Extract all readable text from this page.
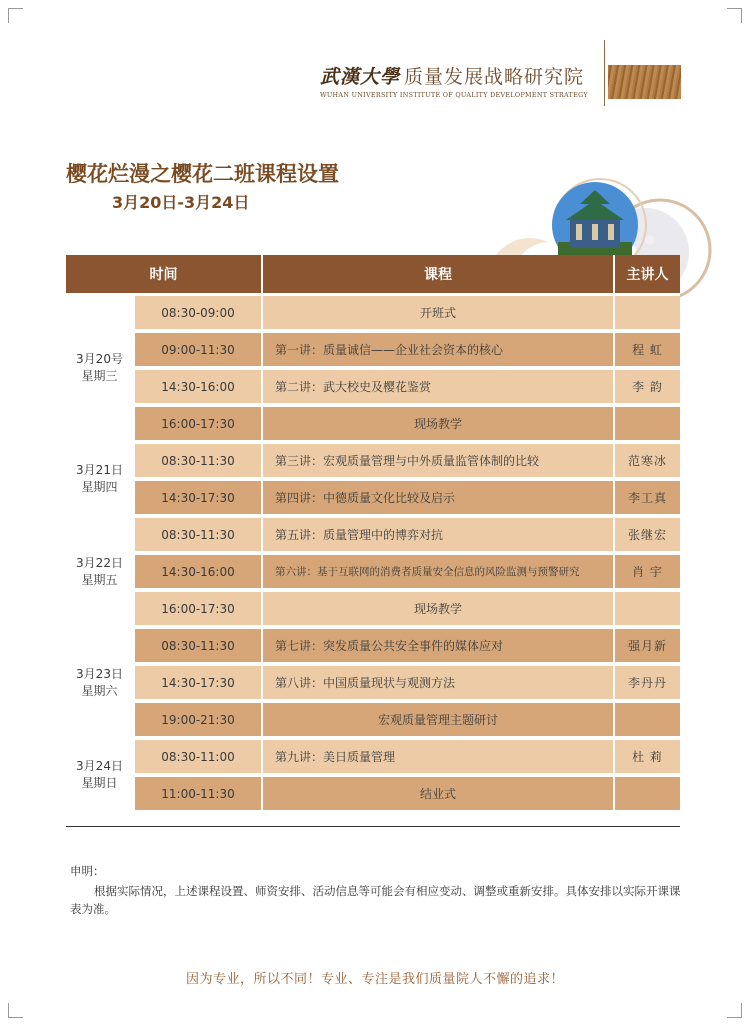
武漢大學 质量发展战略研究院
WUHAN UNIVERSITY INSTITUTE OF QUALITY DEVELOPMENT STRATEGY
樱花烂漫之樱花二班课程设置
3月20日-3月24日
时间		课程	主讲人

3月20号
星期三	08:30-09:00	开班式	
	09:00-11:30	第一讲：质量诚信——企业社会资本的核心	程 虹
	14:30-16:00	第二讲：武大校史及樱花鉴赏	李 韵
	16:00-17:30	现场教学	

3月21日
星期四	08:30-11:30	第三讲：宏观质量管理与中外质量监管体制的比较	范寒冰
	14:30-17:30	第四讲：中德质量文化比较及启示	李工真

3月22日
星期五	08:30-11:30	第五讲：质量管理中的博弈对抗	张继宏
	14:30-16:00	第六讲：基于互联网的消费者质量安全信息的风险监测与预警研究	肖 宇
	16:00-17:30	现场教学	

3月23日
星期六	08:30-11:30	第七讲：突发质量公共安全事件的媒体应对	强月新
	14:30-17:30	第八讲：中国质量现状与观测方法	李丹丹
	19:00-21:30	宏观质量管理主题研讨	

3月24日
星期日	08:30-11:00	第九讲：美日质量管理	杜 莉
	11:00-11:30	结业式	
申明：
根据实际情况，上述课程设置、师资安排、活动信息等可能会有相应变动、调整或重新安排。具体安排以实际开课课表为准。
因为专业，所以不同！专业、专注是我们质量院人不懈的追求！
